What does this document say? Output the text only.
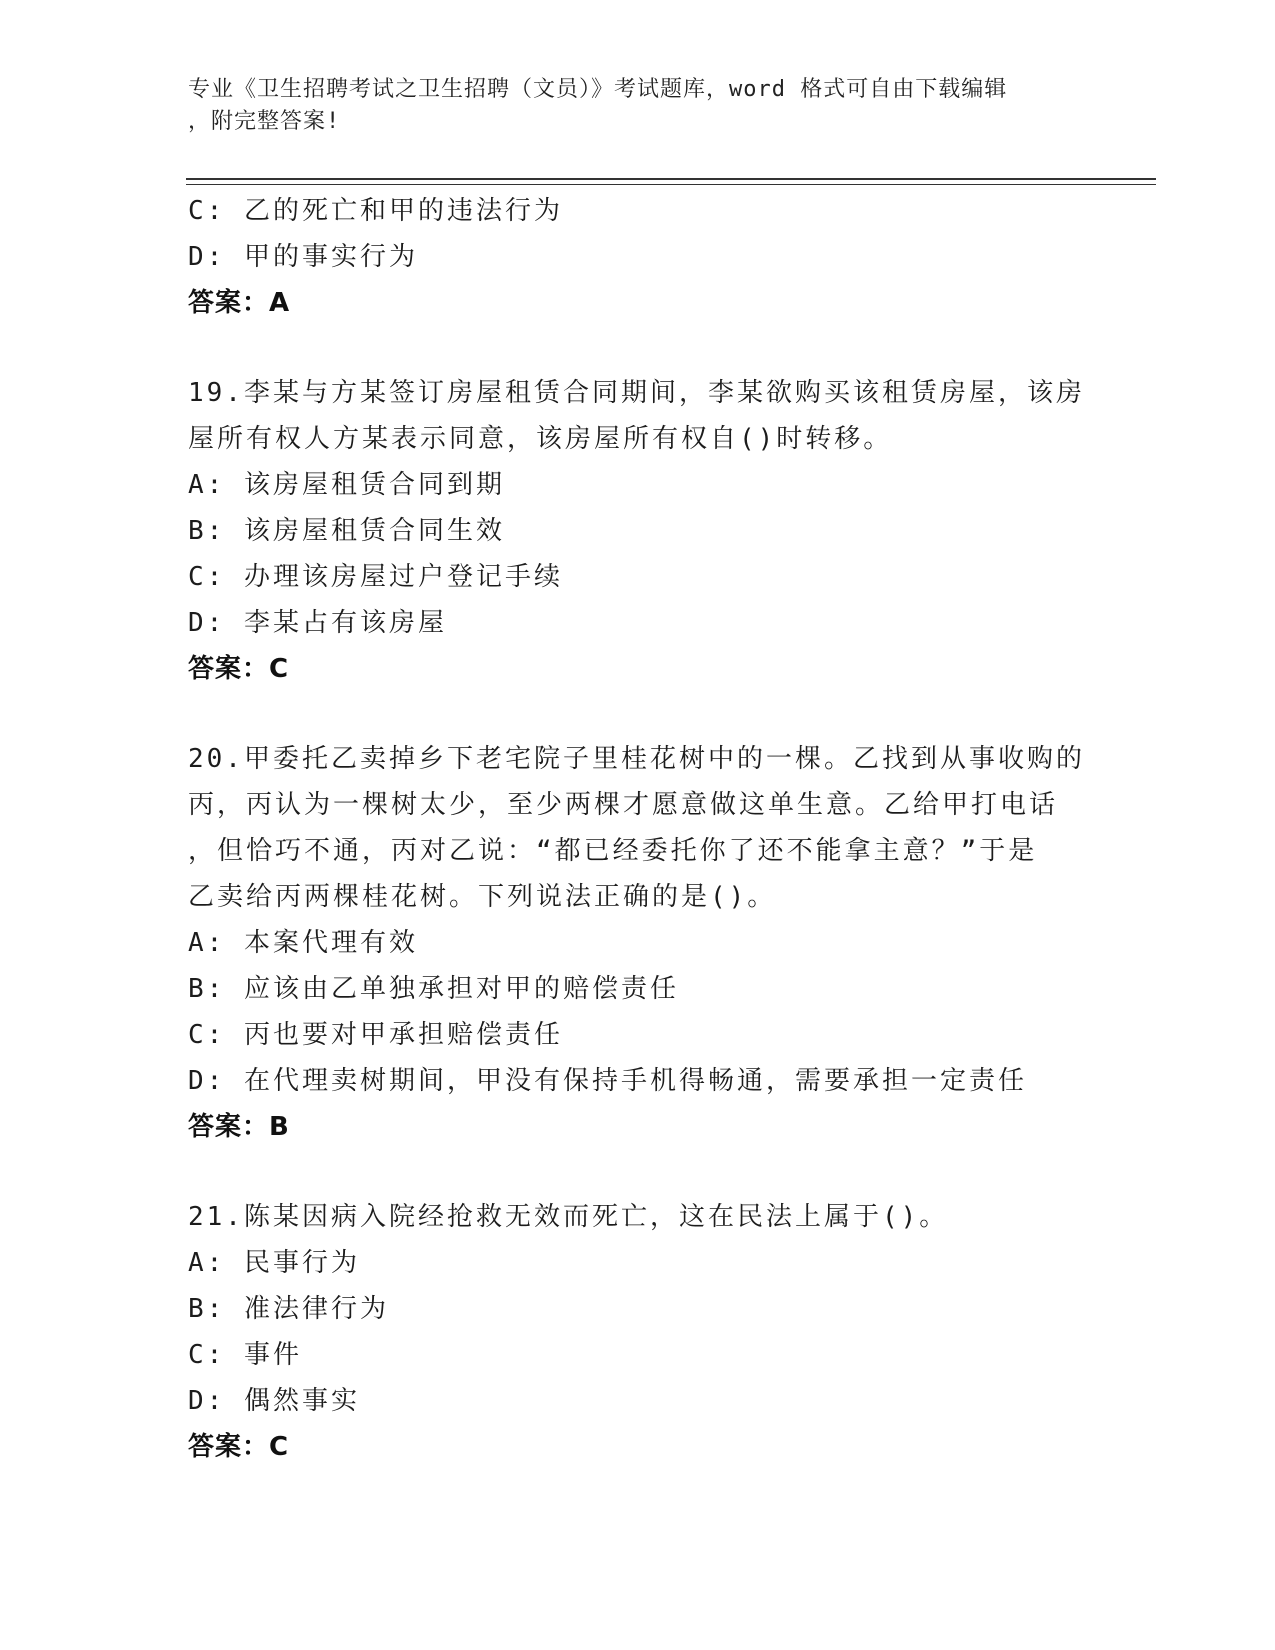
专业《卫生招聘考试之卫生招聘（文员）》考试题库，word 格式可自由下载编辑
，附完整答案!
C: 乙的死亡和甲的违法行为
D: 甲的事实行为
答案：A
19.李某与方某签订房屋租赁合同期间，李某欲购买该租赁房屋，该房
屋所有权人方某表示同意，该房屋所有权自()时转移。
A: 该房屋租赁合同到期
B: 该房屋租赁合同生效
C: 办理该房屋过户登记手续
D: 李某占有该房屋
答案：C
20.甲委托乙卖掉乡下老宅院子里桂花树中的一棵。乙找到从事收购的
丙，丙认为一棵树太少，至少两棵才愿意做这单生意。乙给甲打电话
，但恰巧不通，丙对乙说：“都已经委托你了还不能拿主意？”于是
乙卖给丙两棵桂花树。下列说法正确的是()。
A: 本案代理有效
B: 应该由乙单独承担对甲的赔偿责任
C: 丙也要对甲承担赔偿责任
D: 在代理卖树期间，甲没有保持手机得畅通，需要承担一定责任
答案：B
21.陈某因病入院经抢救无效而死亡，这在民法上属于()。
A: 民事行为
B: 准法律行为
C: 事件
D: 偶然事实
答案：C
